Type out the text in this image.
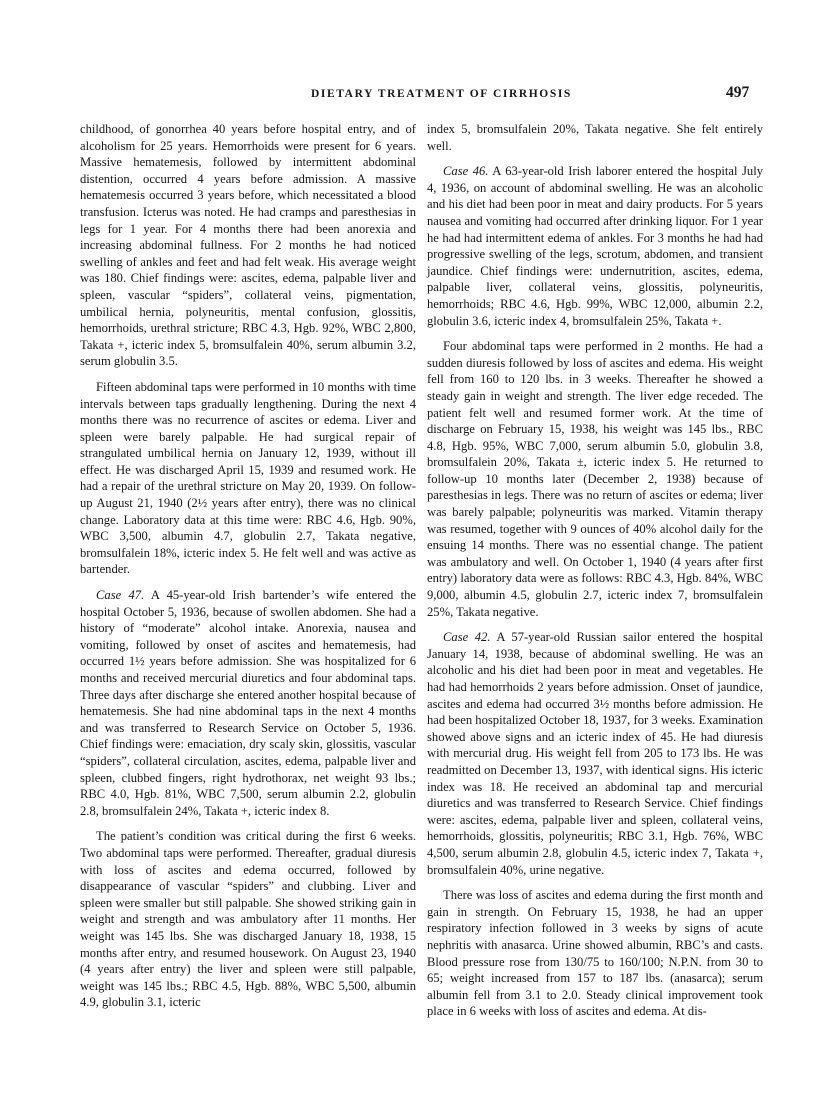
DIETARY TREATMENT OF CIRRHOSIS	497

childhood, of gonorrhea 40 years before hospital entry, and of alcoholism for 25 years. Hemorrhoids were present for 6 years. Massive hematemesis, followed by intermittent abdominal distention, occurred 4 years before admission. A massive hematemesis occurred 3 years before, which necessitated a blood transfusion. Icterus was noted. He had cramps and paresthesias in legs for 1 year. For 4 months there had been anorexia and increasing abdominal fullness. For 2 months he had noticed swelling of ankles and feet and had felt weak. His average weight was 180. Chief findings were: ascites, edema, palpable liver and spleen, vascular “spiders”, collateral veins, pigmentation, umbilical hernia, polyneuritis, mental confusion, glossitis, hemorrhoids, urethral stricture; RBC 4.3, Hgb. 92%, WBC 2,800, Takata +, icteric index 5, bromsulfalein 40%, serum albumin 3.2, serum globulin 3.5.

Fifteen abdominal taps were performed in 10 months with time intervals between taps gradually lengthening. During the next 4 months there was no recurrence of ascites or edema. Liver and spleen were barely palpable. He had surgical repair of strangulated umbilical hernia on January 12, 1939, without ill effect. He was discharged April 15, 1939 and resumed work. He had a repair of the urethral stricture on May 20, 1939. On follow-up August 21, 1940 (2½ years after entry), there was no clinical change. Laboratory data at this time were: RBC 4.6, Hgb. 90%, WBC 3,500, albumin 4.7, globulin 2.7, Takata negative, bromsulfalein 18%, icteric index 5. He felt well and was active as bartender.

Case 47. A 45-year-old Irish bartender’s wife entered the hospital October 5, 1936, because of swollen abdomen. She had a history of “moderate” alcohol intake. Anorexia, nausea and vomiting, followed by onset of ascites and hematemesis, had occurred 1½ years before admission. She was hospitalized for 6 months and received mercurial diuretics and four abdominal taps. Three days after discharge she entered another hospital because of hematemesis. She had nine abdominal taps in the next 4 months and was transferred to Research Service on October 5, 1936. Chief findings were: emaciation, dry scaly skin, glossitis, vascular “spiders”, collateral circulation, ascites, edema, palpable liver and spleen, clubbed fingers, right hydrothorax, net weight 93 lbs.; RBC 4.0, Hgb. 81%, WBC 7,500, serum albumin 2.2, globulin 2.8, bromsulfalein 24%, Takata +, icteric index 8.

The patient’s condition was critical during the first 6 weeks. Two abdominal taps were performed. Thereafter, gradual diuresis with loss of ascites and edema occurred, followed by disappearance of vascular “spiders” and clubbing. Liver and spleen were smaller but still palpable. She showed striking gain in weight and strength and was ambulatory after 11 months. Her weight was 145 lbs. She was discharged January 18, 1938, 15 months after entry, and resumed housework. On August 23, 1940 (4 years after entry) the liver and spleen were still palpable, weight was 145 lbs.; RBC 4.5, Hgb. 88%, WBC 5,500, albumin 4.9, globulin 3.1, icteric

index 5, bromsulfalein 20%, Takata negative. She felt entirely well.

Case 46. A 63-year-old Irish laborer entered the hospital July 4, 1936, on account of abdominal swelling. He was an alcoholic and his diet had been poor in meat and dairy products. For 5 years nausea and vomiting had occurred after drinking liquor. For 1 year he had had intermittent edema of ankles. For 3 months he had had progressive swelling of the legs, scrotum, abdomen, and transient jaundice. Chief findings were: undernutrition, ascites, edema, palpable liver, collateral veins, glossitis, polyneuritis, hemorrhoids; RBC 4.6, Hgb. 99%, WBC 12,000, albumin 2.2, globulin 3.6, icteric index 4, bromsulfalein 25%, Takata +.

Four abdominal taps were performed in 2 months. He had a sudden diuresis followed by loss of ascites and edema. His weight fell from 160 to 120 lbs. in 3 weeks. Thereafter he showed a steady gain in weight and strength. The liver edge receded. The patient felt well and resumed former work. At the time of discharge on February 15, 1938, his weight was 145 lbs., RBC 4.8, Hgb. 95%, WBC 7,000, serum albumin 5.0, globulin 3.8, bromsulfalein 20%, Takata ±, icteric index 5. He returned to follow-up 10 months later (December 2, 1938) because of paresthesias in legs. There was no return of ascites or edema; liver was barely palpable; polyneuritis was marked. Vitamin therapy was resumed, together with 9 ounces of 40% alcohol daily for the ensuing 14 months. There was no essential change. The patient was ambulatory and well. On October 1, 1940 (4 years after first entry) laboratory data were as follows: RBC 4.3, Hgb. 84%, WBC 9,000, albumin 4.5, globulin 2.7, icteric index 7, bromsulfalein 25%, Takata negative.

Case 42. A 57-year-old Russian sailor entered the hospital January 14, 1938, because of abdominal swelling. He was an alcoholic and his diet had been poor in meat and vegetables. He had had hemorrhoids 2 years before admission. Onset of jaundice, ascites and edema had occurred 3½ months before admission. He had been hospitalized October 18, 1937, for 3 weeks. Examination showed above signs and an icteric index of 45. He had diuresis with mercurial drug. His weight fell from 205 to 173 lbs. He was readmitted on December 13, 1937, with identical signs. His icteric index was 18. He received an abdominal tap and mercurial diuretics and was transferred to Research Service. Chief findings were: ascites, edema, palpable liver and spleen, collateral veins, hemorrhoids, glossitis, polyneuritis; RBC 3.1, Hgb. 76%, WBC 4,500, serum albumin 2.8, globulin 4.5, icteric index 7, Takata +, bromsulfalein 40%, urine negative.

There was loss of ascites and edema during the first month and gain in strength. On February 15, 1938, he had an upper respiratory infection followed in 3 weeks by signs of acute nephritis with anasarca. Urine showed albumin, RBC’s and casts. Blood pressure rose from 130/75 to 160/100; N.P.N. from 30 to 65; weight increased from 157 to 187 lbs. (anasarca); serum albumin fell from 3.1 to 2.0. Steady clinical improvement took place in 6 weeks with loss of ascites and edema. At dis-
